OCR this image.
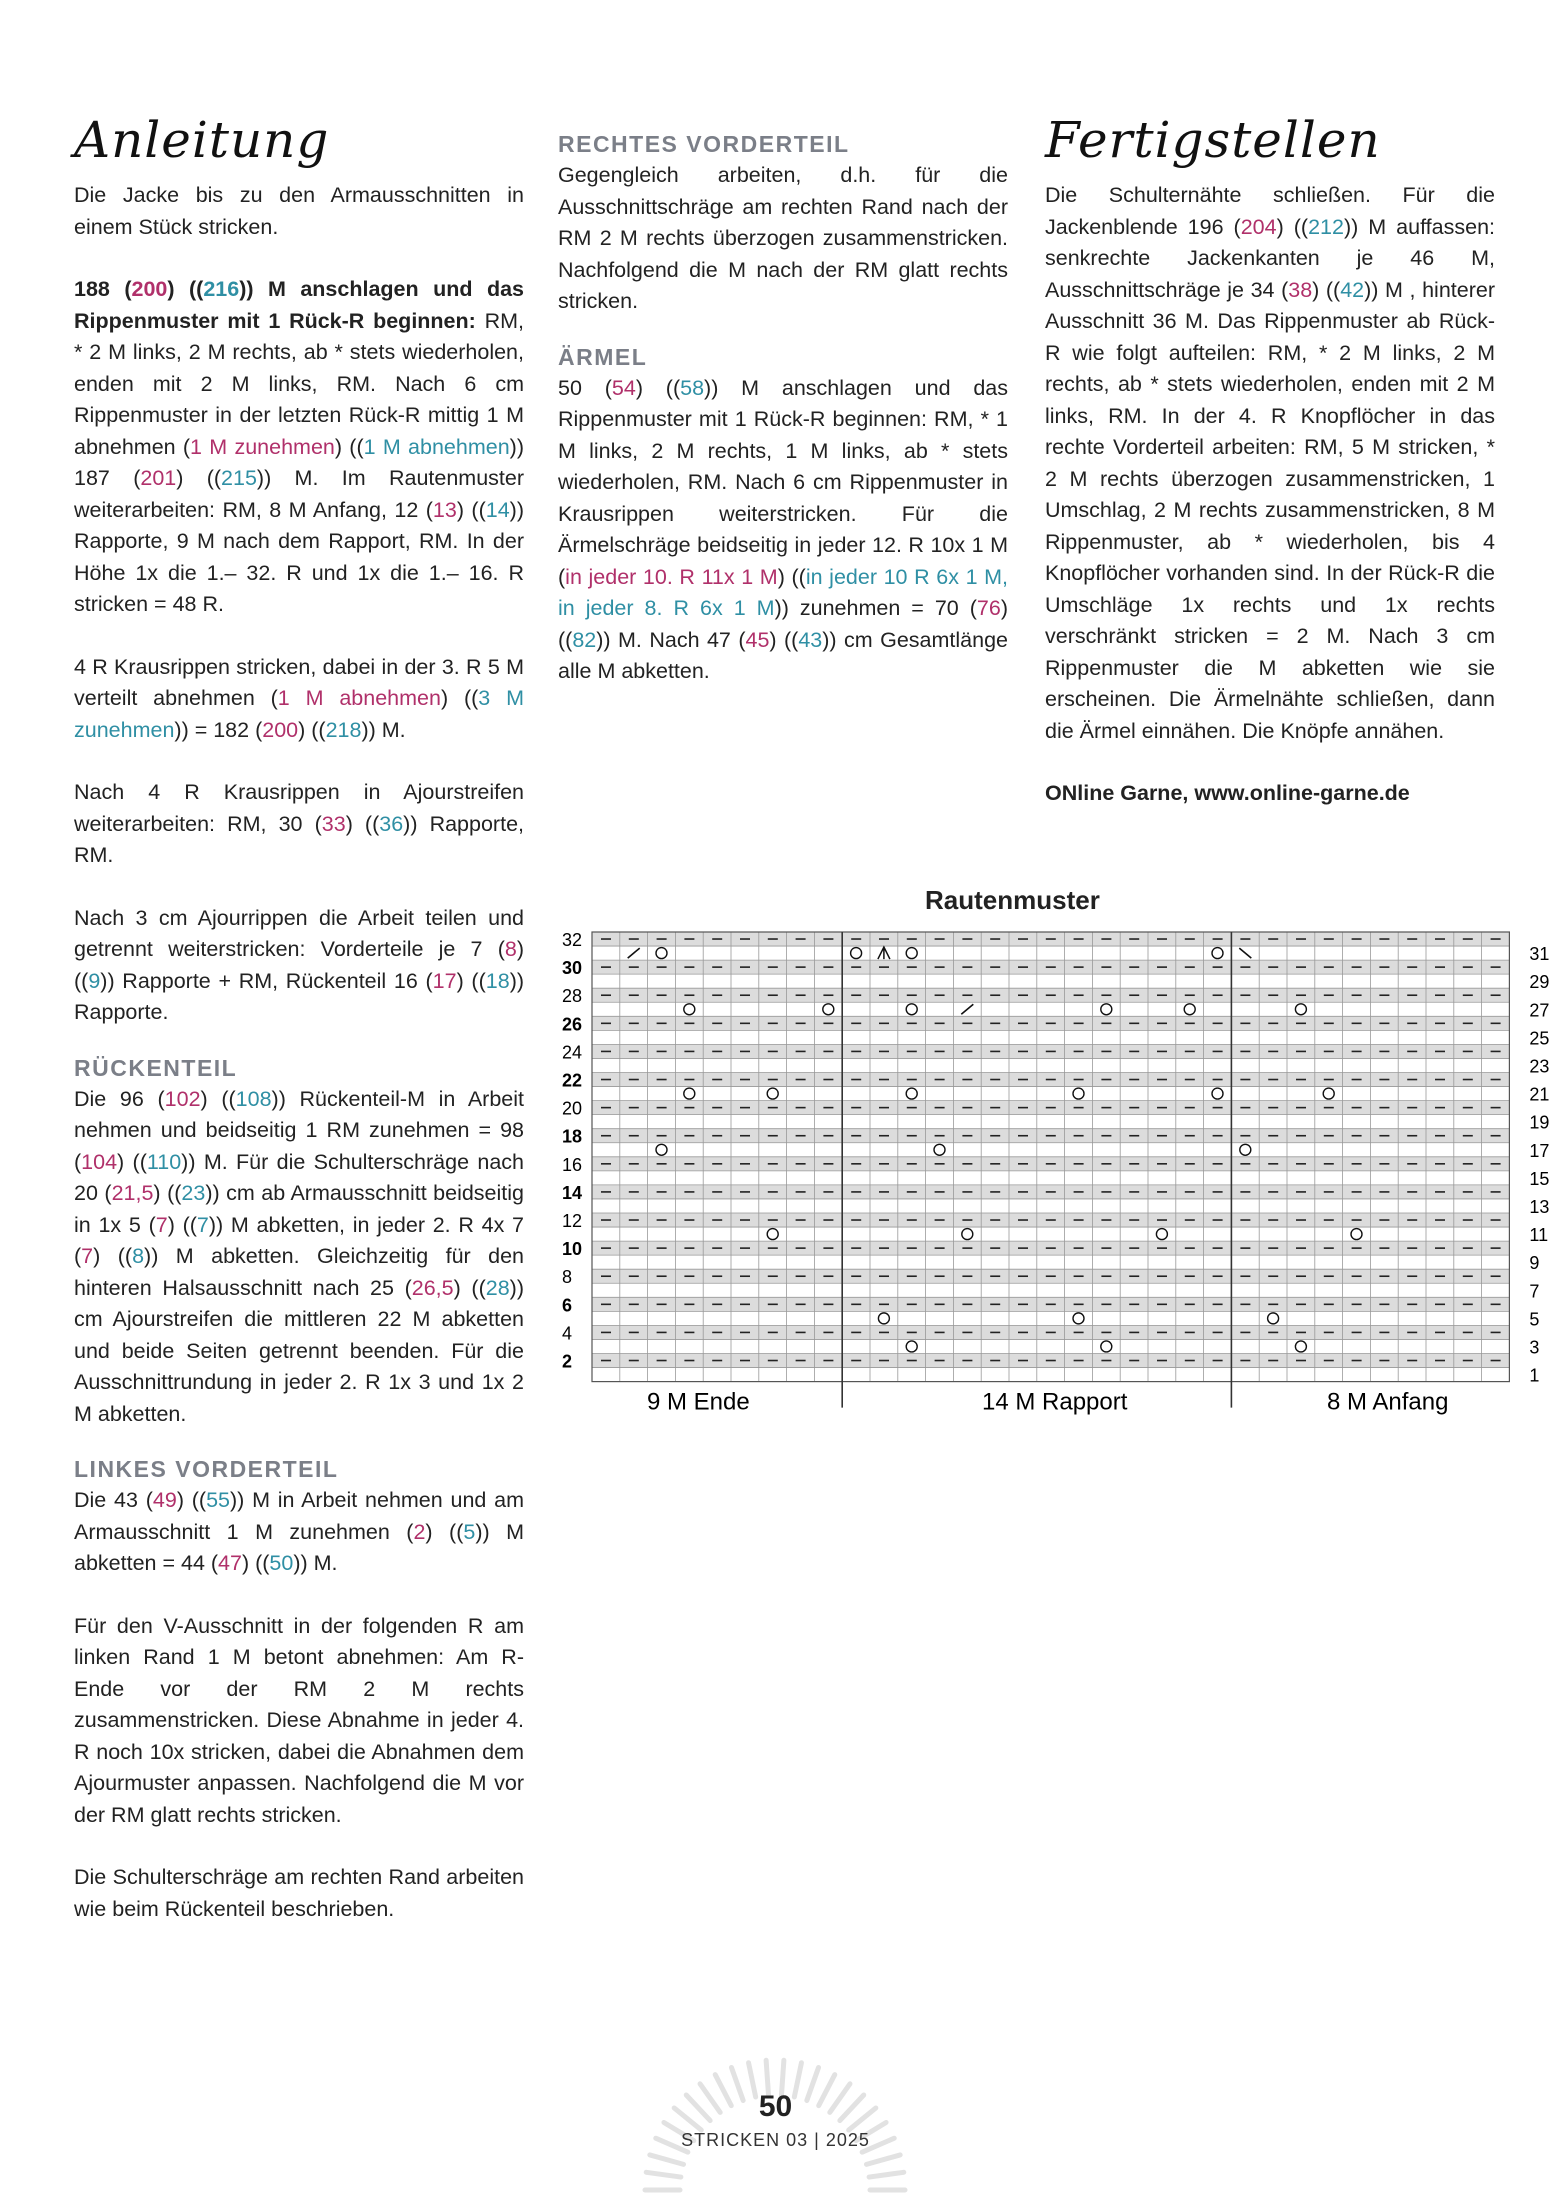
Anleitung

Die Jacke bis zu den Armausschnitten in einem Stück stricken.

188 (200) ((216)) M anschlagen und das Rippenmuster mit 1 Rück-R beginnen: RM, * 2 M links, 2 M rechts, ab * stets wiederholen, enden mit 2 M links, RM. Nach 6 cm Rippenmuster in der letzten Rück-R mittig 1 M abnehmen (1 M zunehmen) ((1 M abnehmen)) 187 (201) ((215)) M. Im Rautenmuster weiterarbeiten: RM, 8 M Anfang, 12 (13) ((14)) Rapporte, 9 M nach dem Rapport, RM. In der Höhe 1x die 1.– 32. R und 1x die 1.– 16. R stricken = 48 R.

4 R Krausrippen stricken, dabei in der 3. R 5 M verteilt abnehmen (1 M abnehmen) ((3 M zunehmen)) = 182 (200) ((218)) M.

Nach 4 R Krausrippen in Ajourstreifen weiterarbeiten: RM, 30 (33) ((36)) Rapporte, RM.

Nach 3 cm Ajourrippen die Arbeit teilen und getrennt weiterstricken: Vorderteile je 7 (8) ((9)) Rapporte + RM, Rückenteil 16 (17) ((18)) Rapporte.

RÜCKENTEIL

Die 96 (102) ((108)) Rückenteil-M in Arbeit nehmen und beidseitig 1 RM zunehmen = 98 (104) ((110)) M. Für die Schulterschräge nach 20 (21,5) ((23)) cm ab Armausschnitt beidseitig in 1x 5 (7) ((7)) M abketten, in jeder 2. R 4x 7 (7) ((8)) M abketten. Gleichzeitig für den hinteren Halsausschnitt nach 25 (26,5) ((28)) cm Ajourstreifen die mittleren 22 M abketten und beide Seiten getrennt beenden. Für die Ausschnittrundung in jeder 2. R 1x 3 und 1x 2 M abketten.

LINKES VORDERTEIL

Die 43 (49) ((55)) M in Arbeit nehmen und am Armausschnitt 1 M zunehmen (2) ((5)) M abketten = 44 (47) ((50)) M.

Für den V-Ausschnitt in der folgenden R am linken Rand 1 M betont abnehmen: Am R-Ende vor der RM 2 M rechts zusammenstricken. Diese Abnahme in jeder 4. R noch 10x stricken, dabei die Abnahmen dem Ajourmuster anpassen. Nachfolgend die M vor der RM glatt rechts stricken.

Die Schulterschräge am rechten Rand arbeiten wie beim Rückenteil beschrieben.

RECHTES VORDERTEIL

Gegengleich arbeiten, d.h. für die Ausschnittschräge am rechten Rand nach der RM 2 M rechts überzogen zusammenstricken. Nachfolgend die M nach der RM glatt rechts stricken.

ÄRMEL

50 (54) ((58)) M anschlagen und das Rippenmuster mit 1 Rück-R beginnen: RM, * 1 M links, 2 M rechts, 1 M links, ab * stets wiederholen, RM. Nach 6 cm Rippenmuster in Krausrippen weiterstricken. Für die Ärmelschräge beidseitig in jeder 12. R 10x 1 M (in jeder 10. R 11x 1 M) ((in jeder 10 R 6x 1 M, in jeder 8. R 6x 1 M)) zunehmen = 70 (76) ((82)) M. Nach 47 (45) ((43)) cm Gesamtlänge alle M abketten.

Fertigstellen

Die Schulternähte schließen. Für die Jackenblende 196 (204) ((212)) M auffassen: senkrechte Jackenkanten je 46 M, Ausschnittschräge je 34 (38) ((42)) M , hinterer Ausschnitt 36 M. Das Rippenmuster ab Rück-R wie folgt aufteilen: RM, * 2 M links, 2 M rechts, ab * stets wiederholen, enden mit 2 M links, RM. In der 4. R Knopflöcher in das rechte Vorderteil arbeiten: RM, 5 M stricken, * 2 M rechts überzogen zusammenstricken, 1 Umschlag, 2 M rechts zusammenstricken, 8 M Rippenmuster, ab * wiederholen, bis 4 Knopflöcher vorhanden sind. In der Rück-R die Umschläge 1x rechts und 1x rechts verschränkt stricken = 2 M. Nach 3 cm Rippenmuster die M abketten wie sie erscheinen. Die Ärmelnähte schließen, dann die Ärmel einnähen. Die Knöpfe annähen.

ONline Garne, www.online-garne.de

Rautenmuster
32
30
28
26
24
22
20
18
16
14
12
10
8
6
4
2
31
29
27
25
23
21
19
17
15
13
11
9
7
5
3
1
9 M Ende	14 M Rapport	8 M Anfang
50
STRICKEN 03 | 2025
